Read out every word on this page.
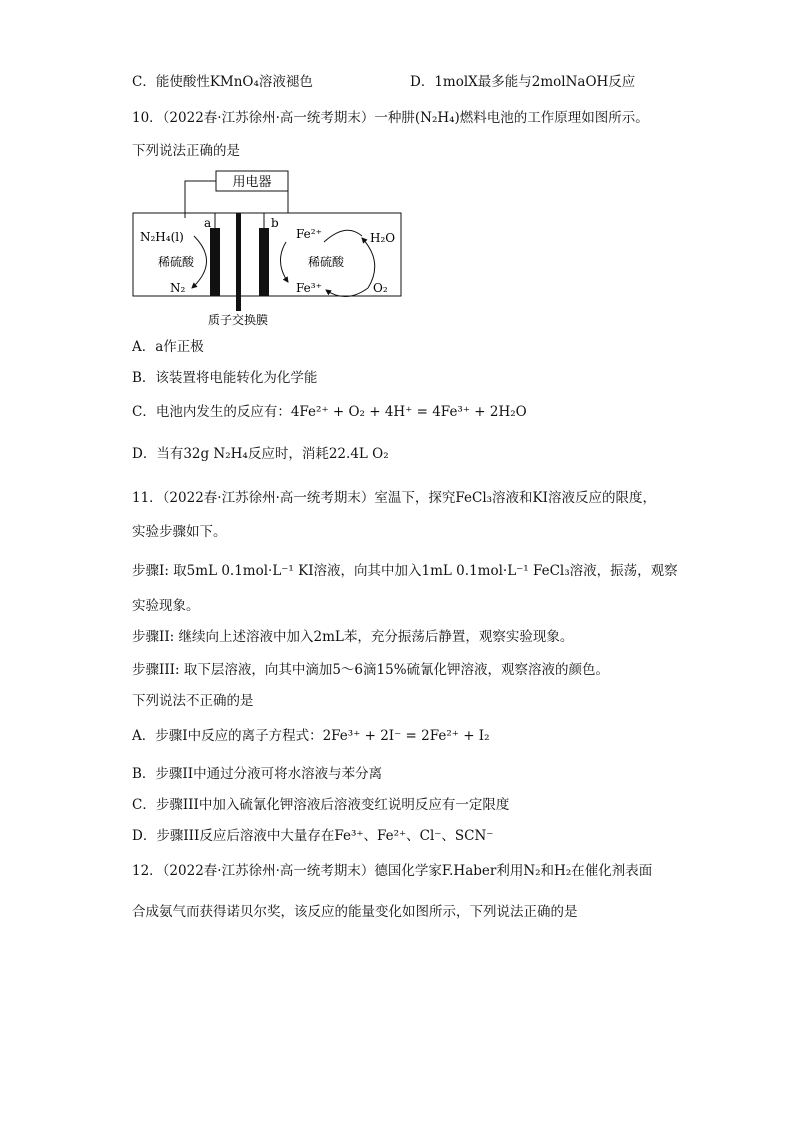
C．能使酸性KMnO₄溶液褪色	D．1molX最多能与2molNaOH反应
10．（2022春·江苏徐州·高一统考期末）一种肼(N₂H₄)燃料电池的工作原理如图所示。
下列说法正确的是
用电器
a	b
N₂H₄(l)
稀硫酸
N₂
Fe²⁺
稀硫酸
Fe³⁺
H₂O
O₂
质子交换膜
A．a作正极
B．该装置将电能转化为化学能
C．电池内发生的反应有：4Fe²⁺ + O₂ + 4H⁺ = 4Fe³⁺ + 2H₂O
D．当有32g N₂H₄反应时，消耗22.4L O₂
11．（2022春·江苏徐州·高一统考期末）室温下，探究FeCl₃溶液和KI溶液反应的限度，
实验步骤如下。
步骤I: 取5mL 0.1mol·L⁻¹ KI溶液，向其中加入1mL 0.1mol·L⁻¹ FeCl₃溶液，振荡，观察
实验现象。
步骤II: 继续向上述溶液中加入2mL苯，充分振荡后静置，观察实验现象。
步骤III: 取下层溶液，向其中滴加5～6滴15%硫氰化钾溶液，观察溶液的颜色。
下列说法不正确的是
A．步骤I中反应的离子方程式：2Fe³⁺ + 2I⁻ = 2Fe²⁺ + I₂
B．步骤II中通过分液可将水溶液与苯分离
C．步骤III中加入硫氰化钾溶液后溶液变红说明反应有一定限度
D．步骤III反应后溶液中大量存在Fe³⁺、Fe²⁺、Cl⁻、SCN⁻
12．（2022春·江苏徐州·高一统考期末）德国化学家F.Haber利用N₂和H₂在催化剂表面
合成氨气而获得诺贝尔奖，该反应的能量变化如图所示，下列说法正确的是
